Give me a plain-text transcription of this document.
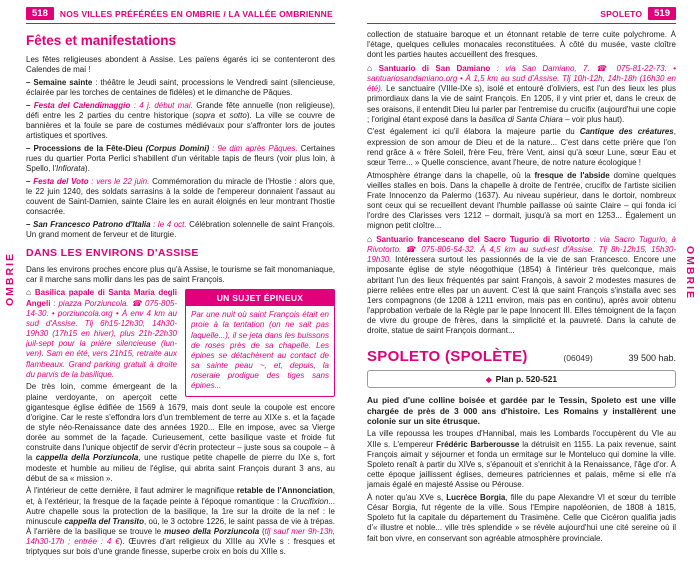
518	NOS VILLES PRÉFÉRÉES EN OMBRIE / LA VALLÉE OMBRIENNE	SPOLETO	519
OMBRIE	OMBRIE
Fêtes et manifestations

Les fêtes religieuses abondent à Assise. Les païens égarés ici se contenteront des Calendes de mai !

– Semaine sainte : théâtre le Jeudi saint, processions le Vendredi saint (silencieuse, éclairée par les torches de centaines de fidèles) et le dimanche de Pâques.

– Festa del Calendimaggio : 4 j. début mai. Grande fête annuelle (non religieuse), défi entre les 2 parties du centre historique (sopra et sotto). La ville se couvre de bannières et la foule se pare de costumes médiévaux pour s'affronter lors de joutes artistiques et sportives.

– Processions de la Fête-Dieu (Corpus Domini) : 9e dim après Pâques. Certaines rues du quartier Porta Perlici s'habillent d'un véritable tapis de fleurs (voir plus loin, à Spello, l'Infiorata).

– Festa del Voto : vers le 22 juin. Commémoration du miracle de l'Hostie : alors que, le 22 juin 1240, des soldats sarrasins à la solde de l'empereur donnaient l'assaut au couvent de Saint-Damien, sainte Claire les en aurait éloignés en leur montrant l'hostie consacrée.

– San Francesco Patrono d'Italia : le 4 oct. Célébration solennelle de saint François. Un grand moment de ferveur et de liturgie.

DANS LES ENVIRONS D'ASSISE

Dans les environs proches encore plus qu'à Assise, le tourisme se fait monomaniaque, car il marche sans mollir dans les pas de saint François.

UN SUJET ÉPINEUX
Par une nuit où saint François était en proie à la tentation (on ne sait pas laquelle...), il se jeta dans les buissons de roses près de sa chapelle. Les épines se détachèrent au contact de sa sainte peau ~, et, depuis, la roseraie prodigue des tiges sans épines...

⌂ Basilica papale di Santa Maria degli Angeli : piazza Porziuncola. ☎ 075-805-14-30. • porziuncola.org • À env 4 km au sud d'Assise. Tlj 6h15-12h30, 14h30-19h30 (17h15 en hiver), plus 21h-22h30 juil-sept pour la prière silencieuse (lun-ven). Sam en été, vers 21h15, retraite aux flambeaux. Grand parking gratuit à droite du parvis de la basilique.

De très loin, comme émergeant de la plaine verdoyante, on aperçoit cette gigantesque église édifiée de 1569 à 1679, mais dont seule la coupole est encore d'origine. Car le reste s'effondra lors d'un tremblement de terre au XIXe s. et la façade de style néo-Renaissance date des années 1920... Elle en impose, avec sa Vierge dorée au sommet de la façade. Curieusement, cette basilique vaste et froide fut construite dans l'unique objectif de servir d'écrin protecteur – juste sous sa coupole – à la cappella della Porziuncola, une rustique petite chapelle de pierre du IXe s, fort modeste et humble au milieu de l'église, qui abrita saint François durant 3 ans, au début de sa « mission ».

À l'intérieur de cette dernière, il faut admirer le magnifique retable de l'Annonciation, et, à l'extérieur, la fresque de la façade peinte à l'époque romantique : la Crucifixion... Autre chapelle sous la protection de la basilique, la 1re sur la droite de la nef : le minuscule cappella del Transito, où, le 3 octobre 1226, le saint passa de vie à trépas. À l'arrière de la basilique se trouve le museo della Porziuncola (tlj sauf mer 9h-13h, 14h30-17h ; entrée : 4 €). Œuvres d'art religieux du XIIIe au XVIe s : fresques et triptyques sur bois d'une grande finesse, superbe croix en bois du XIIIe s.

collection de statuaire baroque et un étonnant retable de terre cuite polychrome. À l'étage, quelques cellules monacales reconstituées. À côté du musée, vaste cloître dont les parties hautes accueillent des fresques.

⌂ Santuario di San Damiano : via San Damiano, 7. ☎ 075-81-22-73. • santuariosandamiano.org • À 1,5 km au sud d'Assise. Tlj 10h-12h, 14h-18h (16h30 en été). Le sanctuaire (VIIIe-IXe s), isolé et entouré d'oliviers, est l'un des lieux les plus primordiaux dans la vie de saint François. En 1205, il y vint prier et, dans le creux de ses oraisons, il entendit Dieu lui parler par l'entremise du crucifix (aujourd'hui une copie ; l'original étant exposé dans la basilica di Santa Chiara – voir plus haut).

C'est également ici qu'il élabora la majeure partie du Cantique des créatures, expression de son amour de Dieu et de la nature... C'est dans cette prière que l'on rend grâce à « frère Soleil, frère Feu, frère Vent, ainsi qu'à sœur Lune, sœur Eau et sœur Terre... » Quelle conscience, avant l'heure, de notre nature écologique !

Atmosphère étrange dans la chapelle, où la fresque de l'abside domine quelques vieilles stalles en bois. Dans la chapelle à droite de l'entrée, crucifix de l'artiste sicilien Frate Innocenzo da Palermo (1637). Au niveau supérieur, dans le dortoir, nombreux sont ceux qui se recueillent devant l'humble paillasse où sainte Claire – qui fonda ici l'ordre des Clarisses vers 1212 – dormait, jusqu'à sa mort en 1253... Également un mignon petit cloître...

⌂ Santuario francescano del Sacro Tugurio di Rivotorto : via Sacro Tugurio, à Rivotorto. ☎ 075-806-54-32. À 4,5 km au sud-est d'Assise. Tlj 8h-12h15, 15h30-19h30. Intéressera surtout les passionnés de la vie de san Francesco. Encore une imposante église de style néogothique (1854) à l'intérieur très quelconque, mais abritant l'un des lieux fréquentés par saint François, à savoir 2 modestes masures de pierre reliées entre elles par un auvent. C'est là que saint François s'installa avec ses 1ers compagnons (de 1208 à 1211 environ, mais pas en continu), après avoir obtenu l'approbation verbale de la Règle par le pape Innocent III. Elles témoignent de la façon de vivre du groupe de frères, dans la simplicité et la pauvreté. Dans la cahute de droite, statue de saint François dormant...

SPOLETO (SPOLÈTE)	(06049)	39 500 hab.
◆ Plan p. 520-521

Au pied d'une colline boisée et gardée par le Tessin, Spoleto est une ville chargée de près de 3 000 ans d'histoire. Les Romains y installèrent une colonie sur un site étrusque.

La ville repoussa les troupes d'Hannibal, mais les Lombards l'occupèrent du VIe au XIIe s. L'empereur Frédéric Barberousse la détruisit en 1155. La paix revenue, saint François aimait y séjourner et fonda un ermitage sur le Monteluco qui domine la ville. Spoleto renaît à partir du XIVe s, s'épanouit et s'enrichit à la Renaissance, l'âge d'or. À cette époque jaillissent églises, demeures patriciennes et palais, même si elle n'a jamais égalé en majesté Assise ou Pérouse.

À noter qu'au XVe s, Lucrèce Borgia, fille du pape Alexandre VI et sœur du terrible César Borgia, fut régente de la ville. Sous l'Empire napoléonien, de 1808 à 1815, Spoleto fut la capitale du département du Trasimène. Celle que Cicéron qualifia jadis d'« illustre et noble... ville très splendide » se révèle aujourd'hui une cité sereine où il fait bon vivre, en conservant son agréable atmosphère provinciale.
